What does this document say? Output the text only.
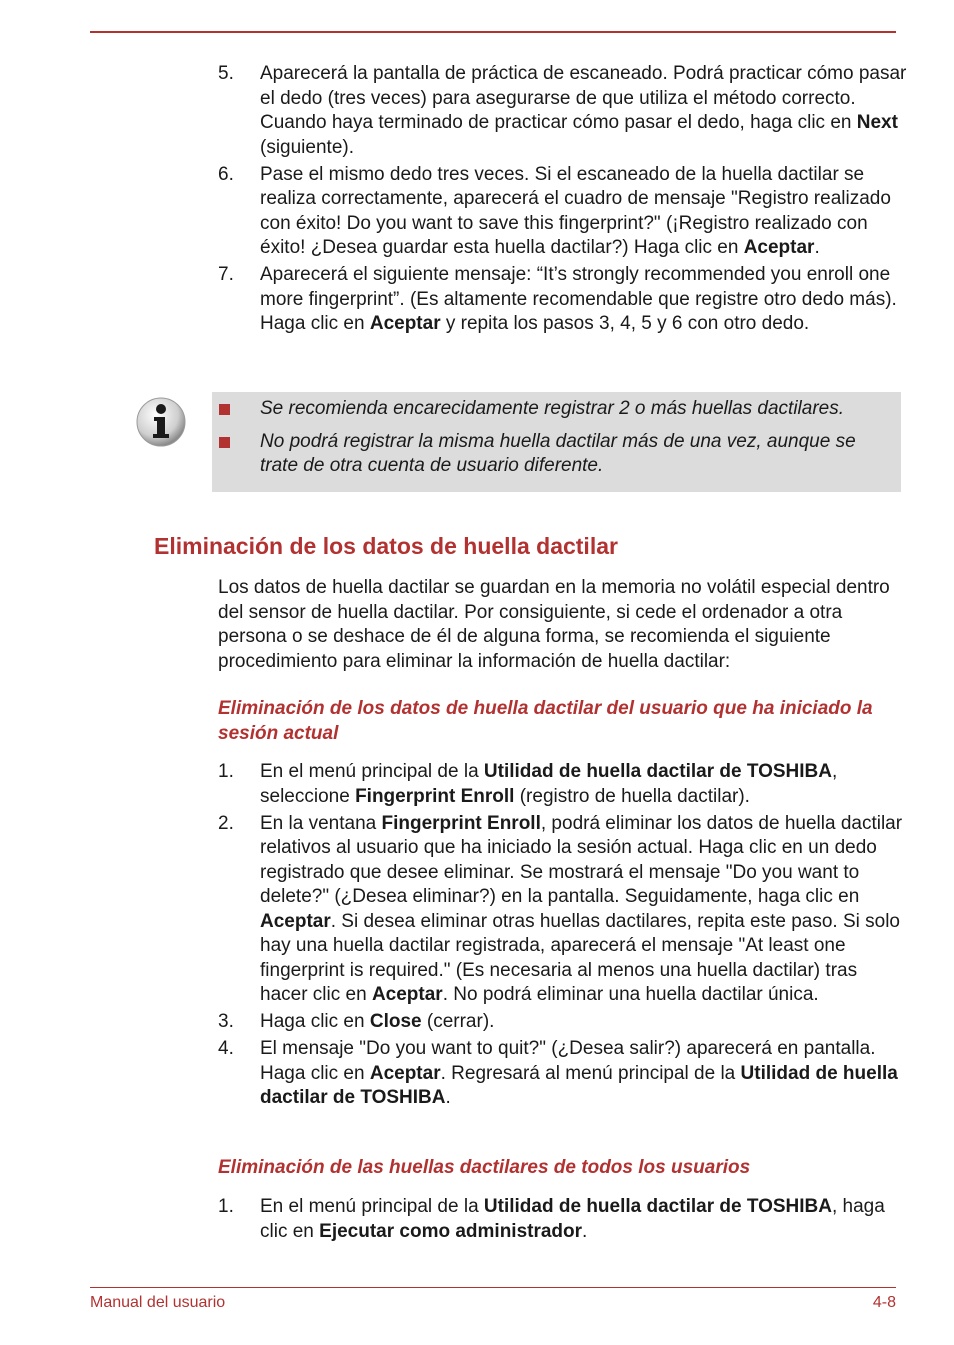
5. Aparecerá la pantalla de práctica de escaneado. Podrá practicar cómo pasar el dedo (tres veces) para asegurarse de que utiliza el método correcto. Cuando haya terminado de practicar cómo pasar el dedo, haga clic en Next (siguiente).
6. Pase el mismo dedo tres veces. Si el escaneado de la huella dactilar se realiza correctamente, aparecerá el cuadro de mensaje "Registro realizado con éxito! Do you want to save this fingerprint?" (¡Registro realizado con éxito! ¿Desea guardar esta huella dactilar?) Haga clic en Aceptar.
7. Aparecerá el siguiente mensaje: “It’s strongly recommended you enroll one more fingerprint”. (Es altamente recomendable que registre otro dedo más). Haga clic en Aceptar y repita los pasos 3, 4, 5 y 6 con otro dedo.
Se recomienda encarecidamente registrar 2 o más huellas dactilares.
No podrá registrar la misma huella dactilar más de una vez, aunque se trate de otra cuenta de usuario diferente.
Eliminación de los datos de huella dactilar

Los datos de huella dactilar se guardan en la memoria no volátil especial dentro del sensor de huella dactilar. Por consiguiente, si cede el ordenador a otra persona o se deshace de él de alguna forma, se recomienda el siguiente procedimiento para eliminar la información de huella dactilar:

Eliminación de los datos de huella dactilar del usuario que ha iniciado la sesión actual
1. En el menú principal de la Utilidad de huella dactilar de TOSHIBA, seleccione Fingerprint Enroll (registro de huella dactilar).
2. En la ventana Fingerprint Enroll, podrá eliminar los datos de huella dactilar relativos al usuario que ha iniciado la sesión actual. Haga clic en un dedo registrado que desee eliminar. Se mostrará el mensaje "Do you want to delete?" (¿Desea eliminar?) en la pantalla. Seguidamente, haga clic en Aceptar. Si desea eliminar otras huellas dactilares, repita este paso. Si solo hay una huella dactilar registrada, aparecerá el mensaje "At least one fingerprint is required." (Es necesaria al menos una huella dactilar) tras hacer clic en Aceptar. No podrá eliminar una huella dactilar única.
3. Haga clic en Close (cerrar).
4. El mensaje "Do you want to quit?" (¿Desea salir?) aparecerá en pantalla. Haga clic en Aceptar. Regresará al menú principal de la Utilidad de huella dactilar de TOSHIBA.
Eliminación de las huellas dactilares de todos los usuarios
1. En el menú principal de la Utilidad de huella dactilar de TOSHIBA, haga clic en Ejecutar como administrador.
Manual del usuario	4-8
